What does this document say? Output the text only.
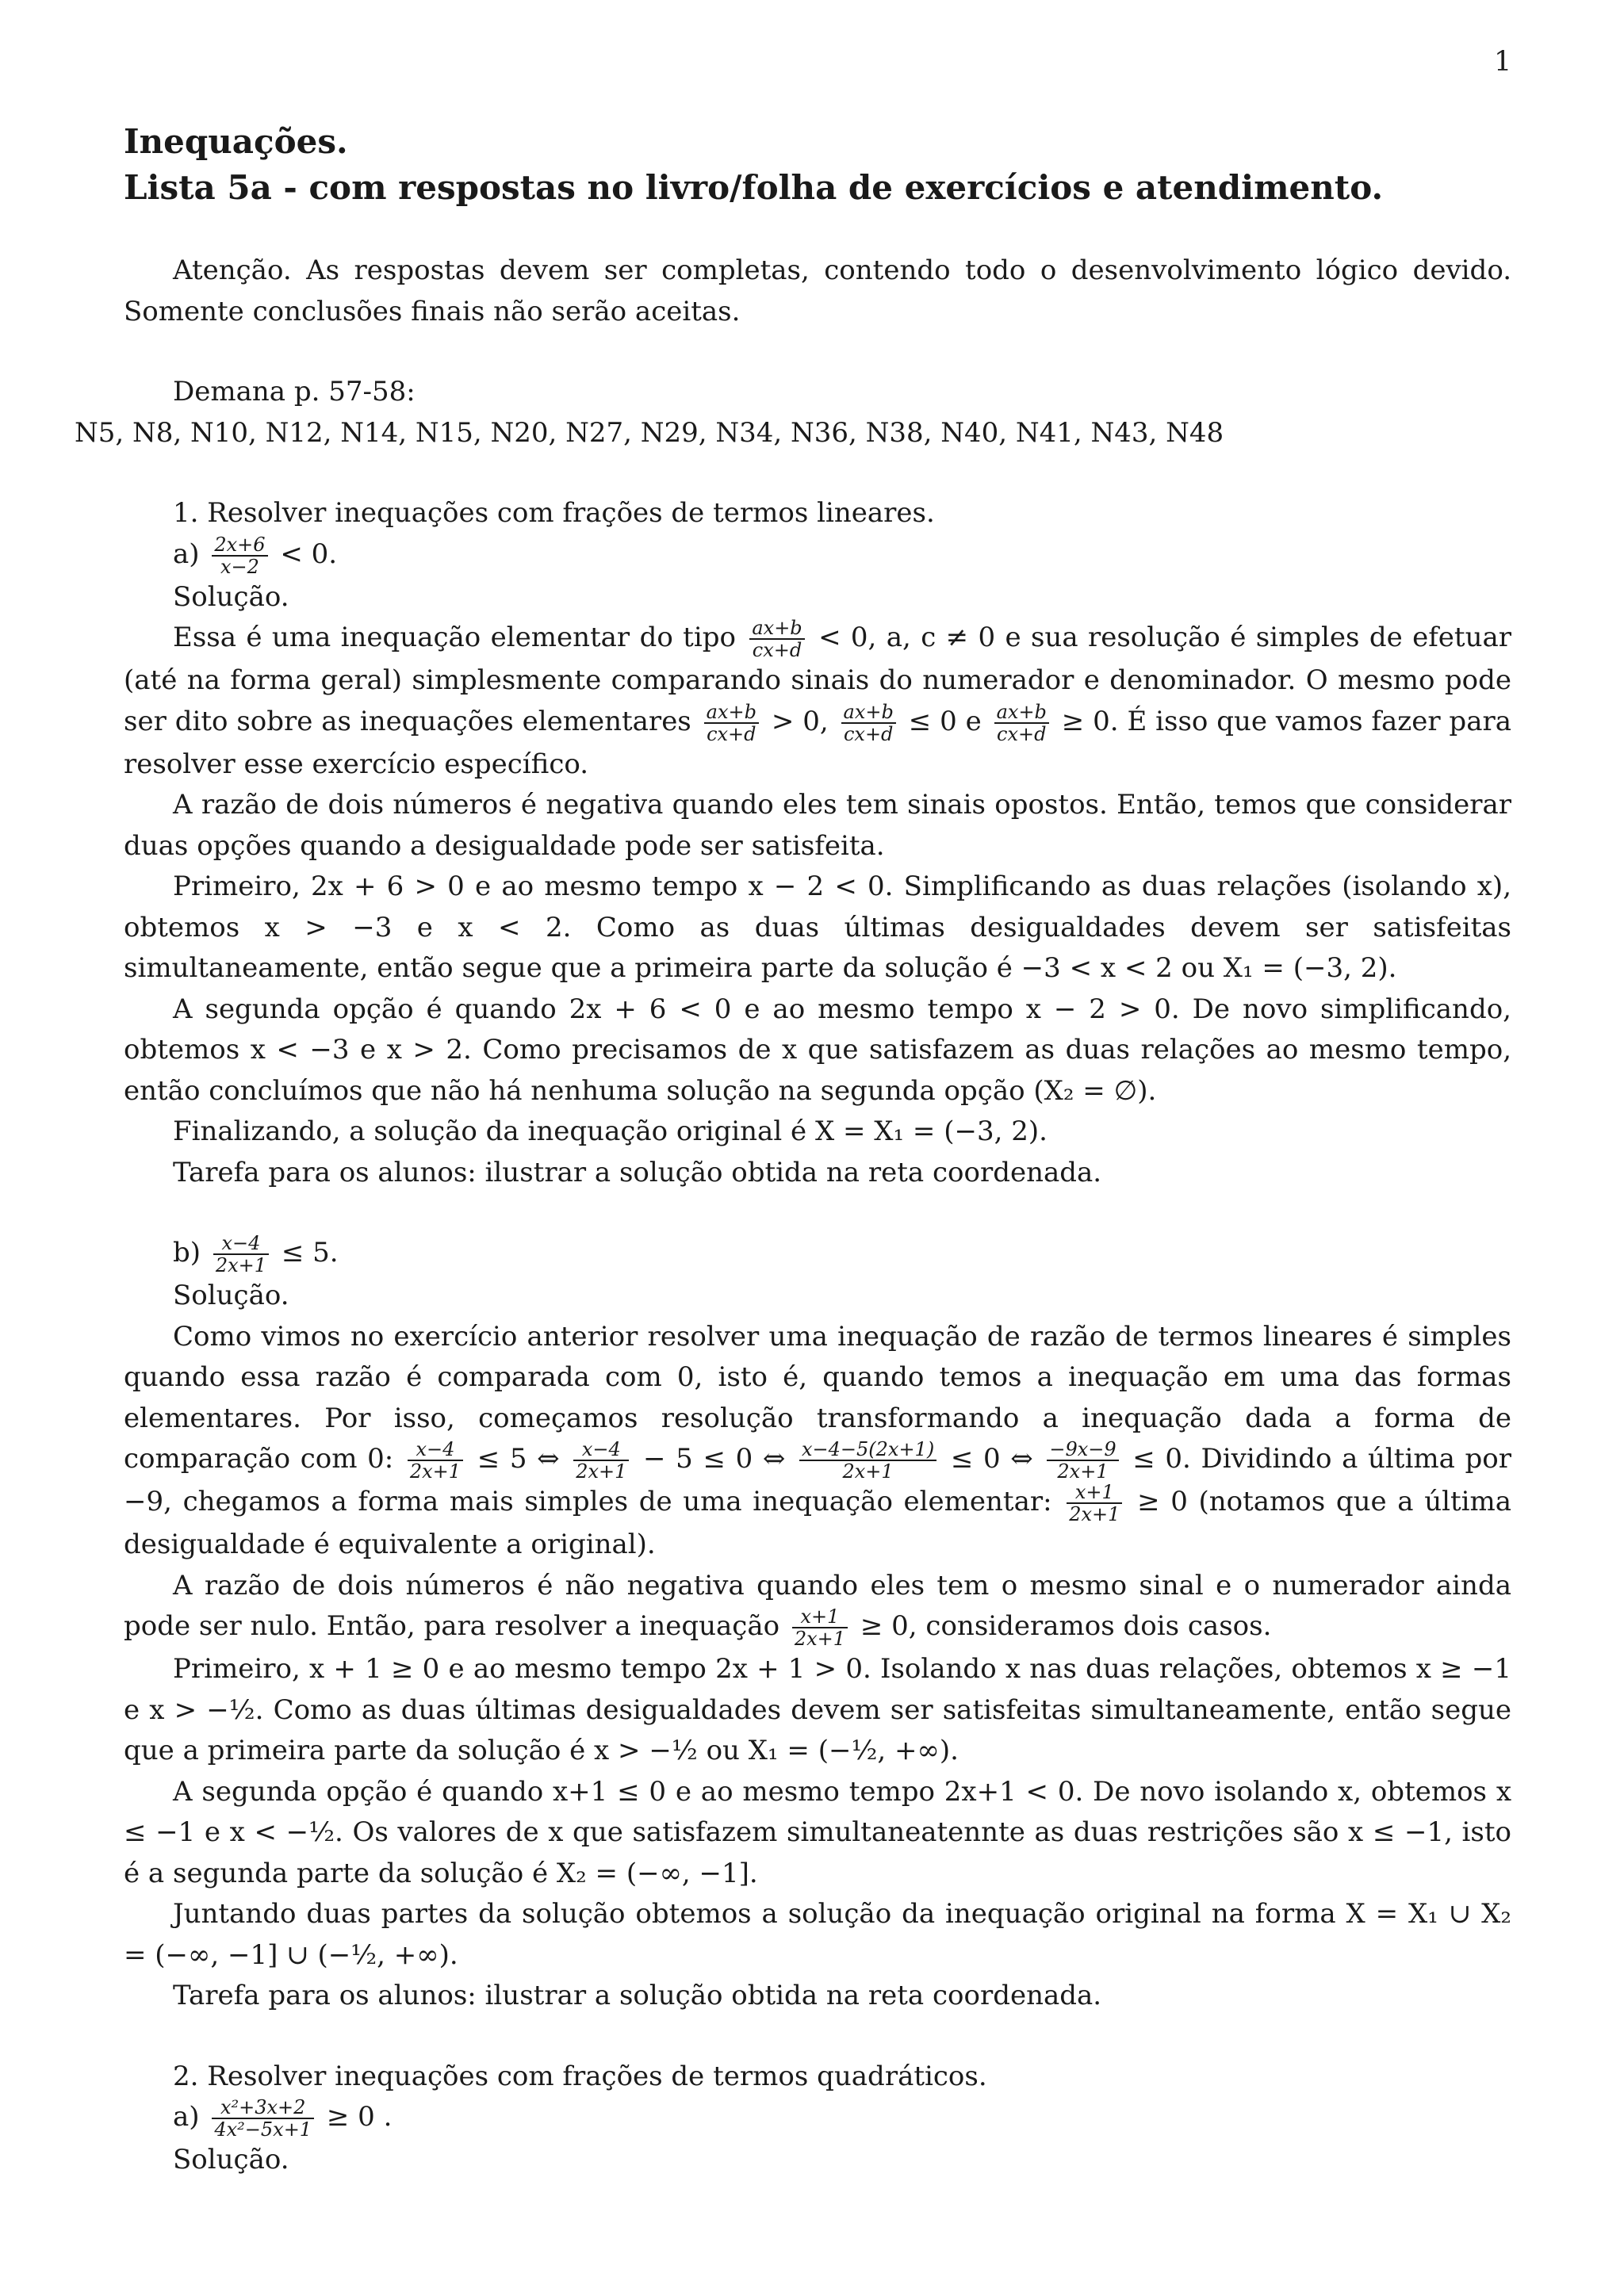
1

Inequações.

Lista 5a - com respostas no livro/folha de exercícios e atendimento.

Atenção. As respostas devem ser completas, contendo todo o desenvolvimento lógico devido. Somente conclusões finais não serão aceitas.

Demana p. 57-58:

N5, N8, N10, N12, N14, N15, N20, N27, N29, N34, N36, N38, N40, N41, N43, N48

1. Resolver inequações com frações de termos lineares.

$a) \frac{2x+6}{x-2} < 0$.

Solução.

Essa é uma inequação elementar do tipo $\frac{ax+b}{cx+d} < 0$, a, c ≠ 0 e sua resolução é simples de efetuar (até na forma geral) simplesmente comparando sinais do numerador e denominador. O mesmo pode ser dito sobre as inequações elementares $\frac{ax+b}{cx+d} > 0$, $\frac{ax+b}{cx+d} \le 0$ e $\frac{ax+b}{cx+d} \ge 0$. É isso que vamos fazer para resolver esse exercício específico.

A razão de dois números é negativa quando eles tem sinais opostos. Então, temos que considerar duas opções quando a desigualdade pode ser satisfeita.

Primeiro, 2x + 6 > 0 e ao mesmo tempo x − 2 < 0. Simplificando as duas relações (isolando x), obtemos x > −3 e x < 2. Como as duas últimas desigualdades devem ser satisfeitas simultaneamente, então segue que a primeira parte da solução é −3 < x < 2 ou X₁ = (−3, 2).

A segunda opção é quando 2x + 6 < 0 e ao mesmo tempo x − 2 > 0. De novo simplificando, obtemos x < −3 e x > 2. Como precisamos de x que satisfazem as duas relações ao mesmo tempo, então concluímos que não há nenhuma solução na segunda opção (X₂ = ∅).

Finalizando, a solução da inequação original é X = X₁ = (−3, 2).

Tarefa para os alunos: ilustrar a solução obtida na reta coordenada.

$b) \frac{x-4}{2x+1} \le 5$.

Solução.

Como vimos no exercício anterior resolver uma inequação de razão de termos lineares é simples quando essa razão é comparada com 0, isto é, quando temos a inequação em uma das formas elementares. Por isso, começamos resolução transformando a inequação dada a forma de comparação com 0: $\frac{x-4}{2x+1} \le 5$ ⇔ $\frac{x-4}{2x+1} - 5 \le 0$ ⇔ $\frac{x-4-5(2x+1)}{2x+1} \le 0$ ⇔ $\frac{-9x-9}{2x+1} \le 0$. Dividindo a última por −9, chegamos a forma mais simples de uma inequação elementar: $\frac{x+1}{2x+1} \ge 0$ (notamos que a última desigualdade é equivalente a original).

A razão de dois números é não negativa quando eles tem o mesmo sinal e o numerador ainda pode ser nulo. Então, para resolver a inequação $\frac{x+1}{2x+1} \ge 0$, consideramos dois casos.

Primeiro, x + 1 ≥ 0 e ao mesmo tempo 2x + 1 > 0. Isolando x nas duas relações, obtemos x ≥ −1 e x > −½. Como as duas últimas desigualdades devem ser satisfeitas simultaneamente, então segue que a primeira parte da solução é x > −½ ou X₁ = (−½, +∞).

A segunda opção é quando x+1 ≤ 0 e ao mesmo tempo 2x+1 < 0. De novo isolando x, obtemos x ≤ −1 e x < −½. Os valores de x que satisfazem simultaneatennte as duas restrições são x ≤ −1, isto é a segunda parte da solução é X₂ = (−∞, −1].

Juntando duas partes da solução obtemos a solução da inequação original na forma X = X₁ ∪ X₂ = (−∞, −1] ∪ (−½, +∞).

Tarefa para os alunos: ilustrar a solução obtida na reta coordenada.

2. Resolver inequações com frações de termos quadráticos.

$a) \frac{\text{x²+3x+2}}{\text{4x²−5x+1}} \ge 0$ .

Solução.
